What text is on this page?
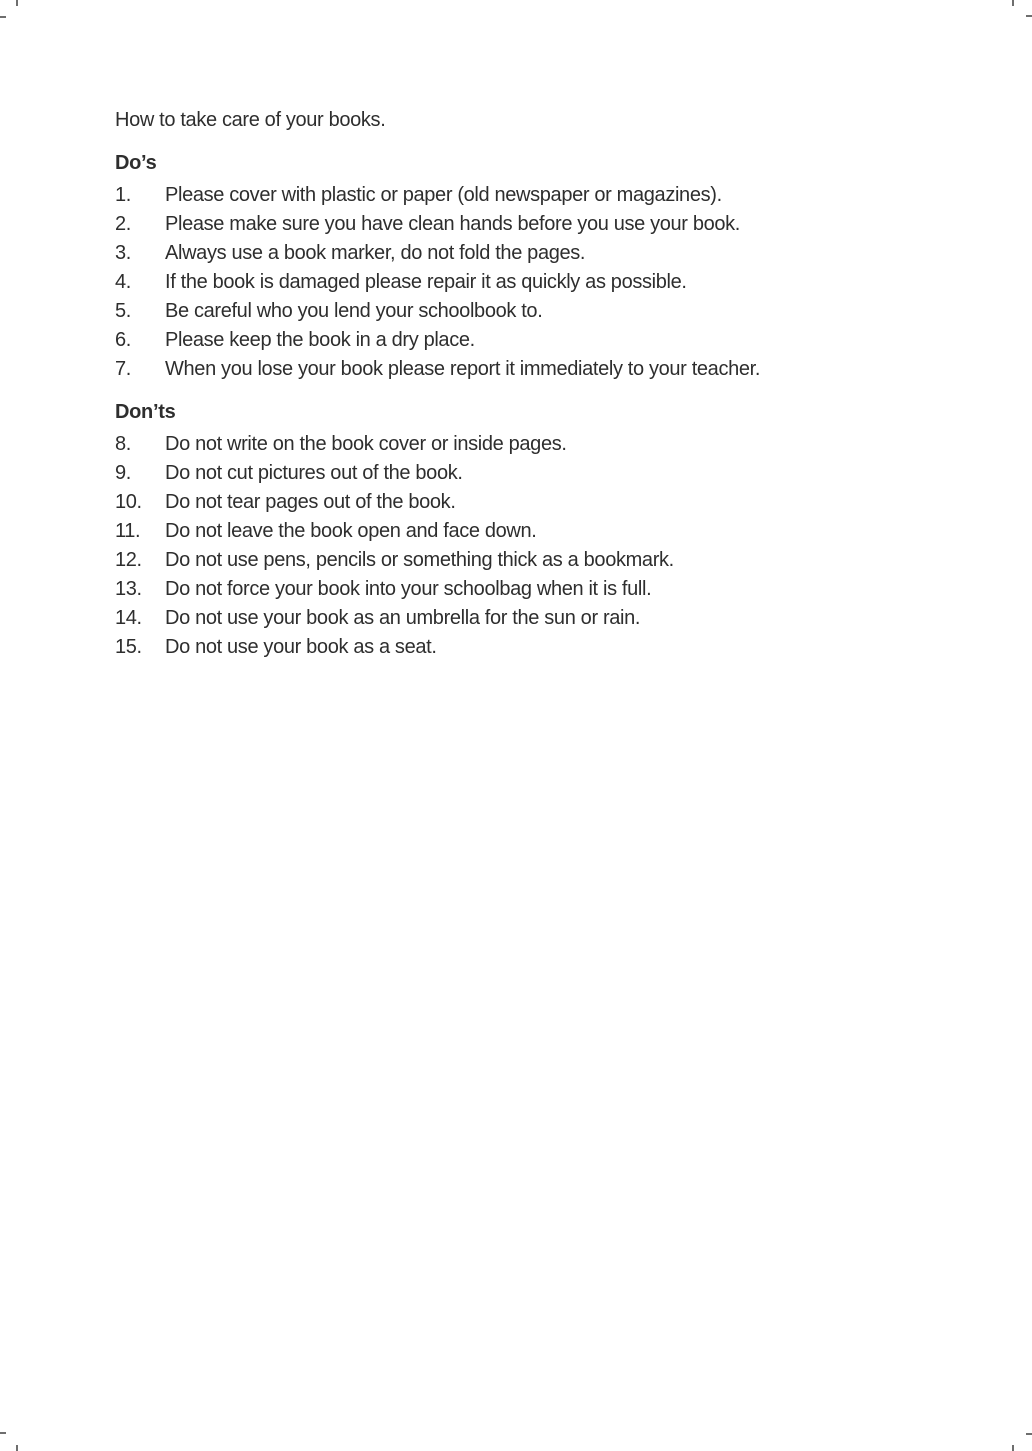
How to take care of your books.
Do’s
1.	Please cover with plastic or paper (old newspaper or magazines).
2.	Please make sure you have clean hands before you use your book.
3.	Always use a book marker, do not fold the pages.
4.	If the book is damaged please repair it as quickly as possible.
5.	Be careful who you lend your schoolbook to.
6.	Please keep the book in a dry place.
7.	When you lose your book please report it immediately to your teacher.
Don’ts
8.	Do not write on the book cover or inside pages.
9.	Do not cut pictures out of the book.
10.	Do not tear pages out of the book.
11.	Do not leave the book open and face down.
12.	Do not use pens, pencils or something thick as a bookmark.
13.	Do not force your book into your schoolbag when it is full.
14.	Do not use your book as an umbrella for the sun or rain.
15.	Do not use your book as a seat.
